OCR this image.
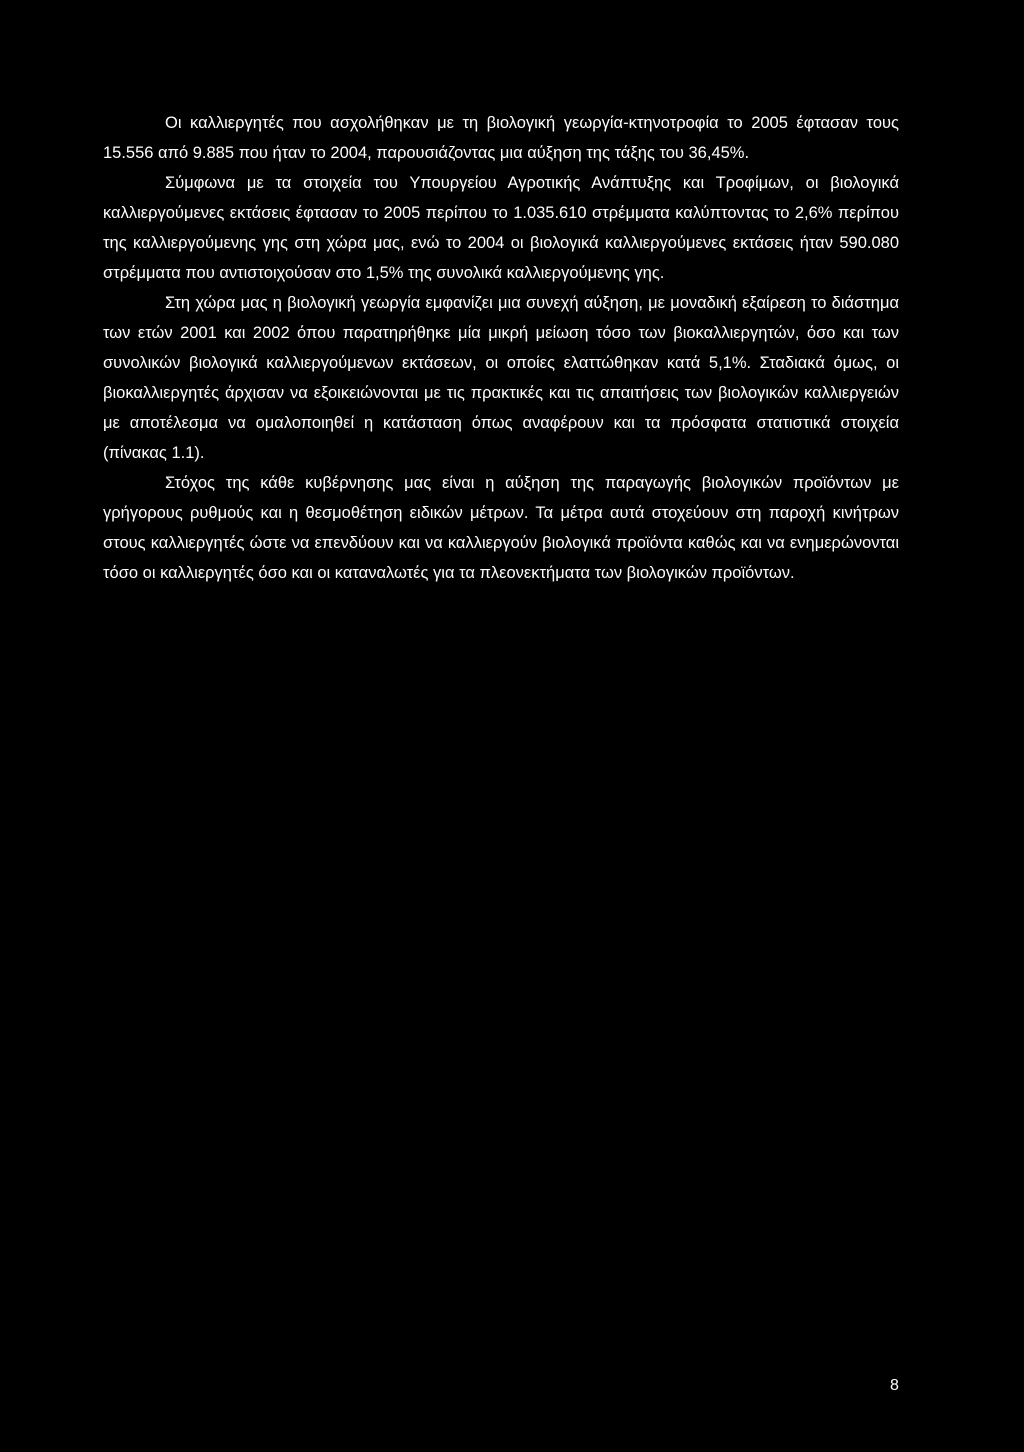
Οι καλλιεργητές που ασχολήθηκαν με τη βιολογική γεωργία-κτηνοτροφία το 2005 έφτασαν τους 15.556 από 9.885 που ήταν το 2004, παρουσιάζοντας μια αύξηση της τάξης του 36,45%.

Σύμφωνα με τα στοιχεία του Υπουργείου Αγροτικής Ανάπτυξης και Τροφίμων, οι βιολογικά καλλιεργούμενες εκτάσεις έφτασαν το 2005 περίπου το 1.035.610 στρέμματα καλύπτοντας το 2,6% περίπου της καλλιεργούμενης γης στη χώρα μας, ενώ το 2004 οι βιολογικά καλλιεργούμενες εκτάσεις ήταν 590.080 στρέμματα που αντιστοιχούσαν στο 1,5% της συνολικά καλλιεργούμενης γης.

Στη χώρα μας η βιολογική γεωργία εμφανίζει μια συνεχή αύξηση, με μοναδική εξαίρεση το διάστημα των ετών 2001 και 2002 όπου παρατηρήθηκε μία μικρή μείωση τόσο των βιοκαλλιεργητών, όσο και των συνολικών βιολογικά καλλιεργούμενων εκτάσεων, οι οποίες ελαττώθηκαν κατά 5,1%. Σταδιακά όμως, οι βιοκαλλιεργητές άρχισαν να εξοικειώνονται με τις πρακτικές και τις απαιτήσεις των βιολογικών καλλιεργειών με αποτέλεσμα να ομαλοποιηθεί η κατάσταση όπως αναφέρουν και τα πρόσφατα στατιστικά στοιχεία (πίνακας 1.1).

Στόχος της κάθε κυβέρνησης μας είναι η αύξηση της παραγωγής βιολογικών προϊόντων με γρήγορους ρυθμούς και η θεσμοθέτηση ειδικών μέτρων. Τα μέτρα αυτά στοχεύουν στη παροχή κινήτρων στους καλλιεργητές ώστε να επενδύουν και να καλλιεργούν βιολογικά προϊόντα καθώς και να ενημερώνονται τόσο οι καλλιεργητές όσο και οι καταναλωτές για τα πλεονεκτήματα των βιολογικών προϊόντων.

8
